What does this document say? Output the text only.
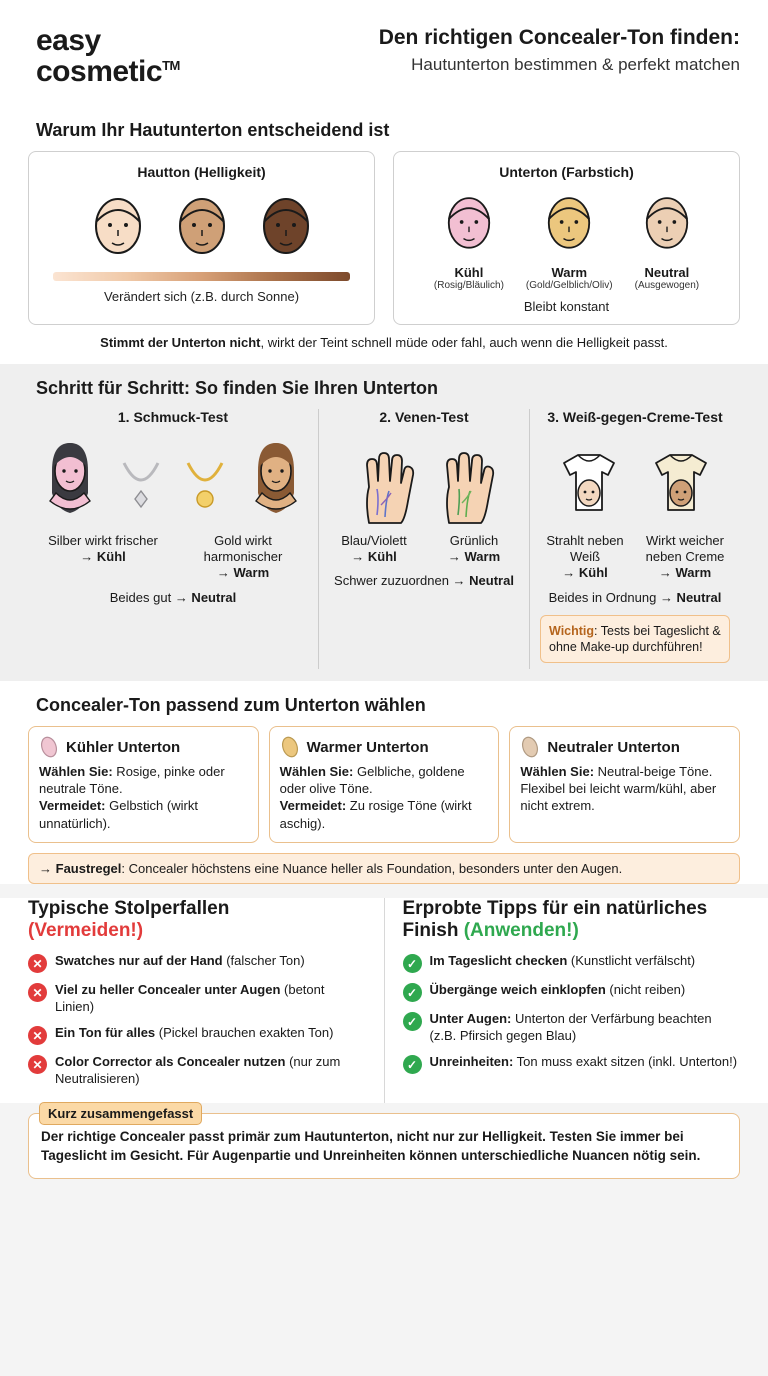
easy
cosmetic™
Den richtigen Concealer-Ton finden:
Hautunterton bestimmen & perfekt matchen
Warum Ihr Hautunterton entscheidend ist
Hautton (Helligkeit)
Verändert sich (z.B. durch Sonne)
Unterton (Farbstich)
Kühl
(Rosig/Bläulich)
Warm
(Gold/Gelblich/Oliv)
Neutral
(Ausgewogen)
Bleibt konstant
Stimmt der Unterton nicht, wirkt der Teint schnell müde oder fahl, auch wenn die Helligkeit passt.
Schritt für Schritt: So finden Sie Ihren Unterton
1. Schmuck-Test
Silber wirkt frischer
→ Kühl
Gold wirkt harmonischer
→ Warm
Beides gut → Neutral
2. Venen-Test
Blau/Violett
→ Kühl
Grünlich
→ Warm
Schwer zuzuordnen → Neutral
3. Weiß-gegen-Creme-Test
Strahlt neben Weiß
→ Kühl
Wirkt weicher neben Creme
→ Warm
Beides in Ordnung → Neutral
Wichtig: Tests bei Tageslicht & ohne Make-up durchführen!
Concealer-Ton passend zum Unterton wählen
Kühler Unterton
Wählen Sie: Rosige, pinke oder neutrale Töne.
Vermeidet: Gelbstich (wirkt unnatürlich).
Warmer Unterton
Wählen Sie: Gelbliche, goldene oder olive Töne.
Vermeidet: Zu rosige Töne (wirkt aschig).
Neutraler Unterton
Wählen Sie: Neutral-beige Töne. Flexibel bei leicht warm/kühl, aber nicht extrem.
→ Faustregel: Concealer höchstens eine Nuance heller als Foundation, besonders unter den Augen.
Typische Stolperfallen
(Vermeiden!)
✕ Swatches nur auf der Hand (falscher Ton)
✕ Viel zu heller Concealer unter Augen (betont Linien)
✕ Ein Ton für alles (Pickel brauchen exakten Ton)
✕ Color Corrector als Concealer nutzen (nur zum Neutralisieren)
Erprobte Tipps für ein natürliches Finish (Anwenden!)
✓ Im Tageslicht checken (Kunstlicht verfälscht)
✓ Übergänge weich einklopfen (nicht reiben)
✓ Unter Augen: Unterton der Verfärbung beachten (z.B. Pfirsich gegen Blau)
✓ Unreinheiten: Ton muss exakt sitzen (inkl. Unterton!)
Kurz zusammengefasst
Der richtige Concealer passt primär zum Hautunterton, nicht nur zur Helligkeit. Testen Sie immer bei Tageslicht im Gesicht. Für Augenpartie und Unreinheiten können unterschiedliche Nuancen nötig sein.
